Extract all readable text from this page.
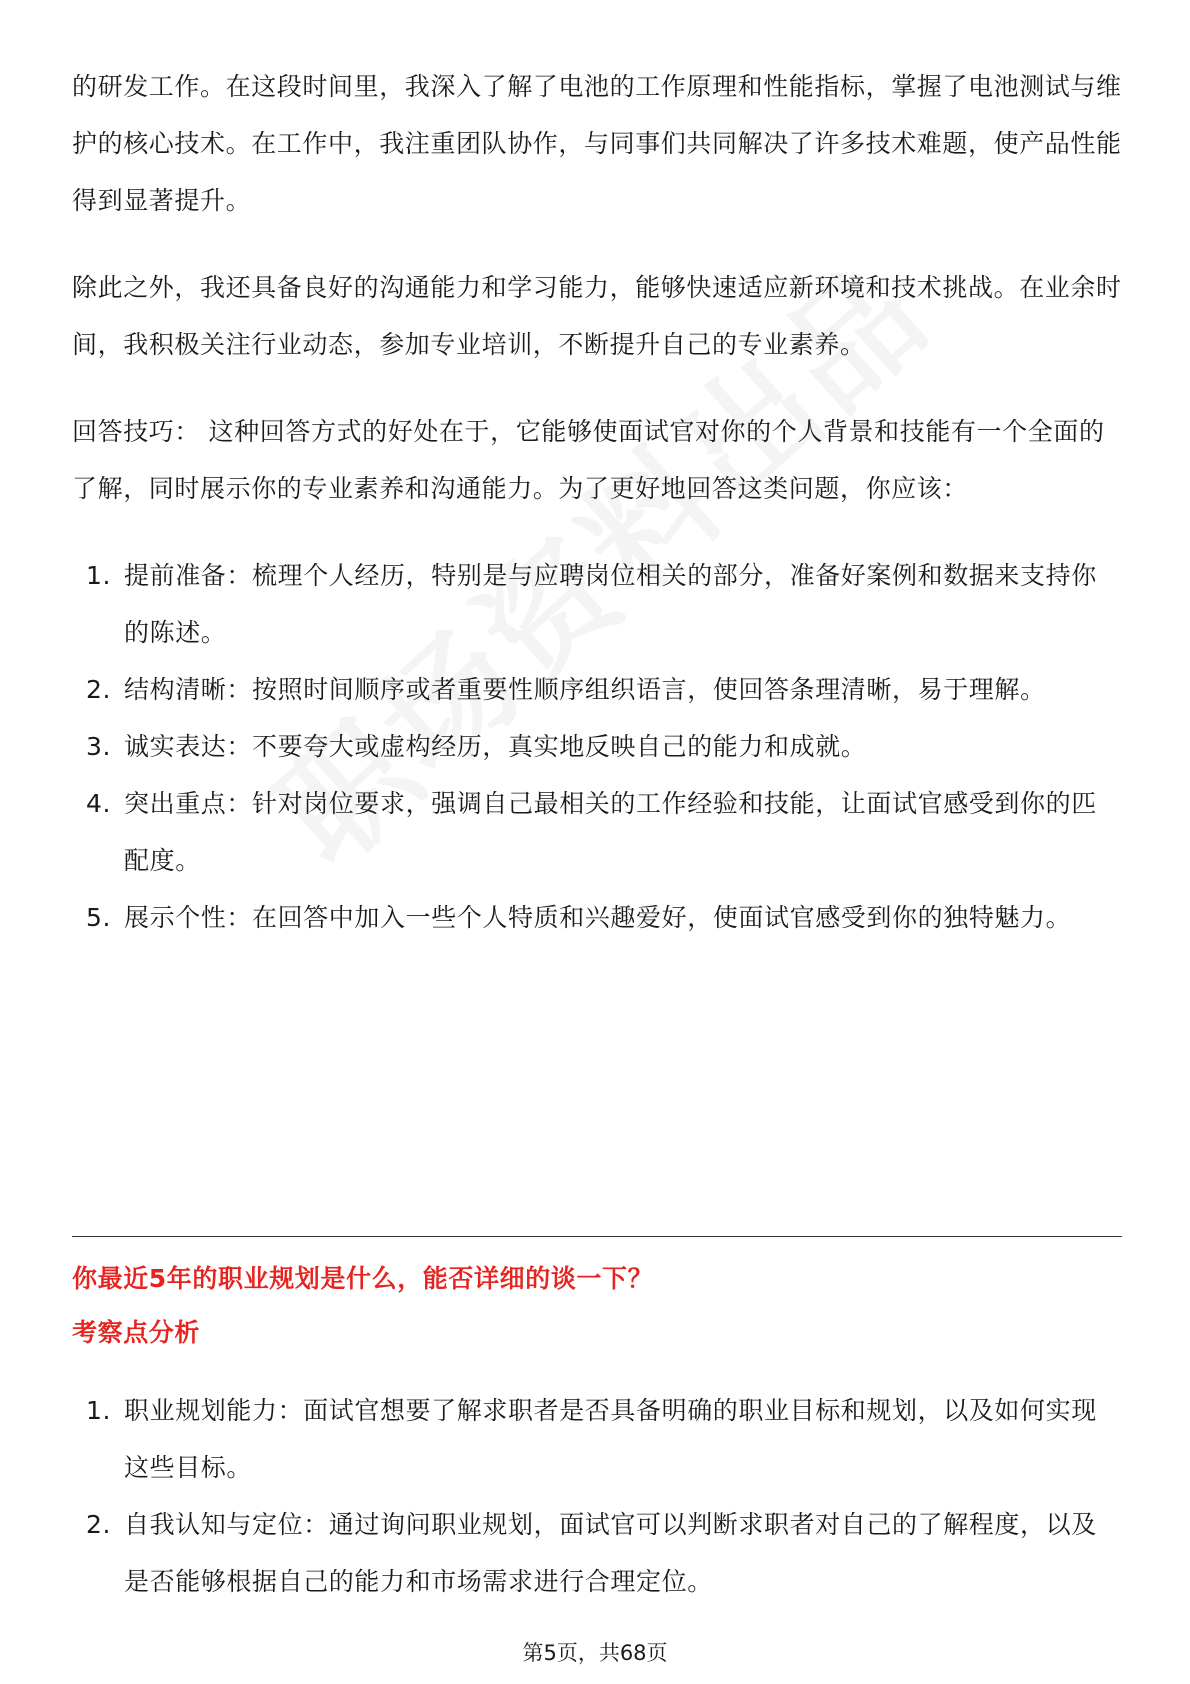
的研发工作。在这段时间里，我深入了解了电池的工作原理和性能指标，掌握了电池测试与维护的核心技术。在工作中，我注重团队协作，与同事们共同解决了许多技术难题，使产品性能得到显著提升。

除此之外，我还具备良好的沟通能力和学习能力，能够快速适应新环境和技术挑战。在业余时间，我积极关注行业动态，参加专业培训，不断提升自己的专业素养。

回答技巧： 这种回答方式的好处在于，它能够使面试官对你的个人背景和技能有一个全面的了解，同时展示你的专业素养和沟通能力。为了更好地回答这类问题，你应该：

1. 提前准备：梳理个人经历，特别是与应聘岗位相关的部分，准备好案例和数据来支持你的陈述。
2. 结构清晰：按照时间顺序或者重要性顺序组织语言，使回答条理清晰，易于理解。
3. 诚实表达：不要夸大或虚构经历，真实地反映自己的能力和成就。
4. 突出重点：针对岗位要求，强调自己最相关的工作经验和技能，让面试官感受到你的匹配度。
5. 展示个性：在回答中加入一些个人特质和兴趣爱好，使面试官感受到你的独特魅力。

你最近5年的职业规划是什么，能否详细的谈一下？

考察点分析

1. 职业规划能力：面试官想要了解求职者是否具备明确的职业目标和规划，以及如何实现这些目标。
2. 自我认知与定位：通过询问职业规划，面试官可以判断求职者对自己的了解程度，以及是否能够根据自己的能力和市场需求进行合理定位。
第5页，共68页
